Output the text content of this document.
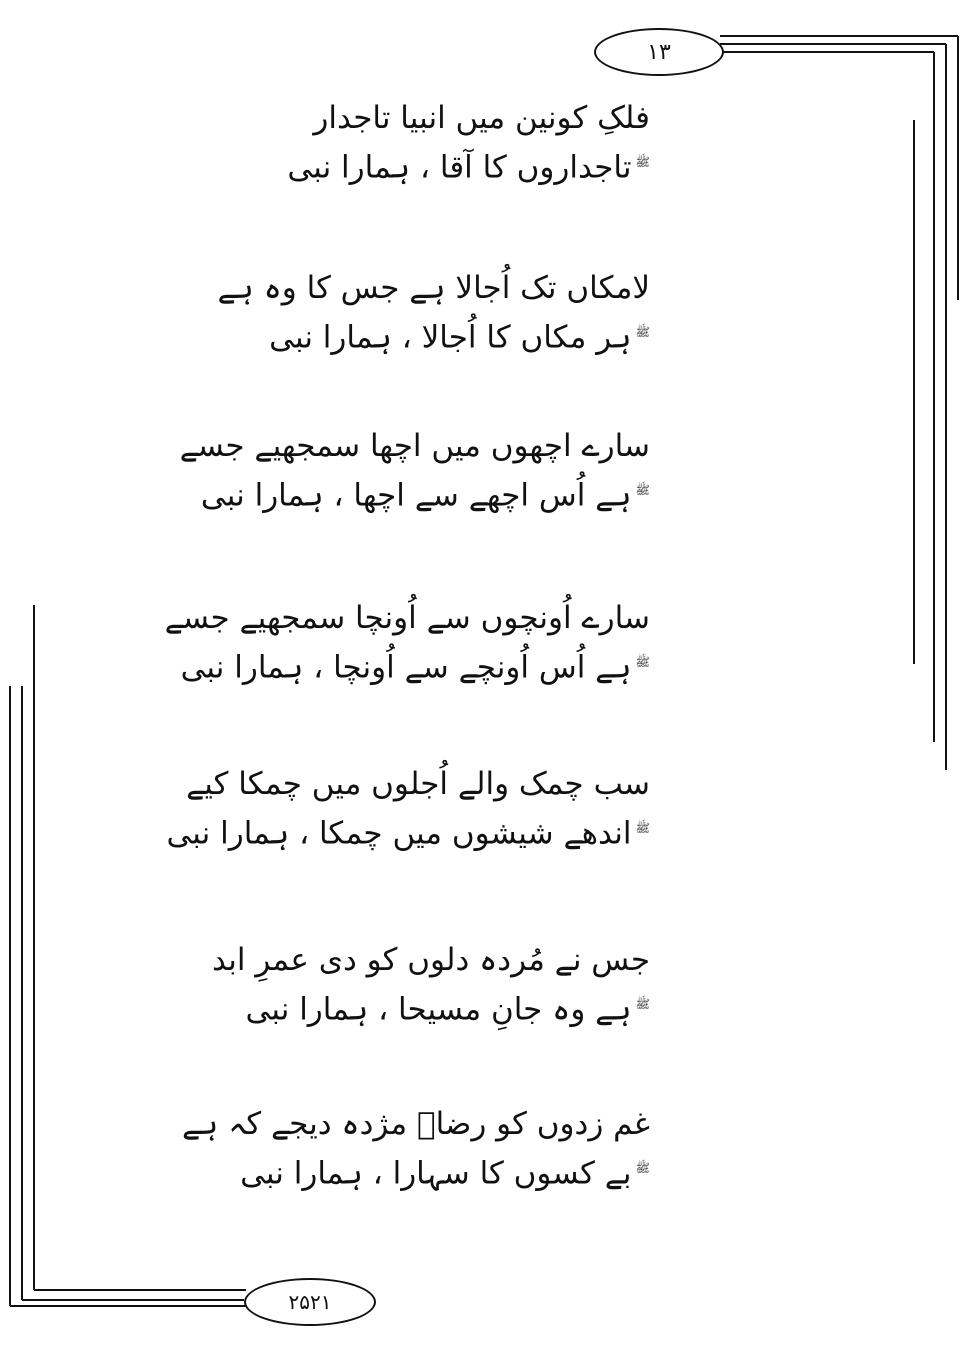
۱۳
فلکِ کونین میں انبیا تاجدار
$^ﷺ$تاجداروں کا آقا ، ہمارا نبی
لامکاں تک اُجالا ہے جس کا وہ ہے
$^ﷺ$ہر مکاں کا اُجالا ، ہمارا نبی
سارے اچھوں میں اچھا سمجھیے جسے
$^ﷺ$ہے اُس اچھے سے اچھا ، ہمارا نبی
سارے اُونچوں سے اُونچا سمجھیے جسے
$^ﷺ$ہے اُس اُونچے سے اُونچا ، ہمارا نبی
سب چمک والے اُجلوں میں چمکا کیے
$^ﷺ$اندھے شیشوں میں چمکا ، ہمارا نبی
جس نے مُردہ دلوں کو دی عمرِ ابد
$^ﷺ$ہے وہ جانِ مسیحا ، ہمارا نبی
غم زدوں کو رضاؔ مژدہ دیجے کہ ہے
$^ﷺ$بے کسوں کا سہارا ، ہمارا نبی
۲۵۲۱
